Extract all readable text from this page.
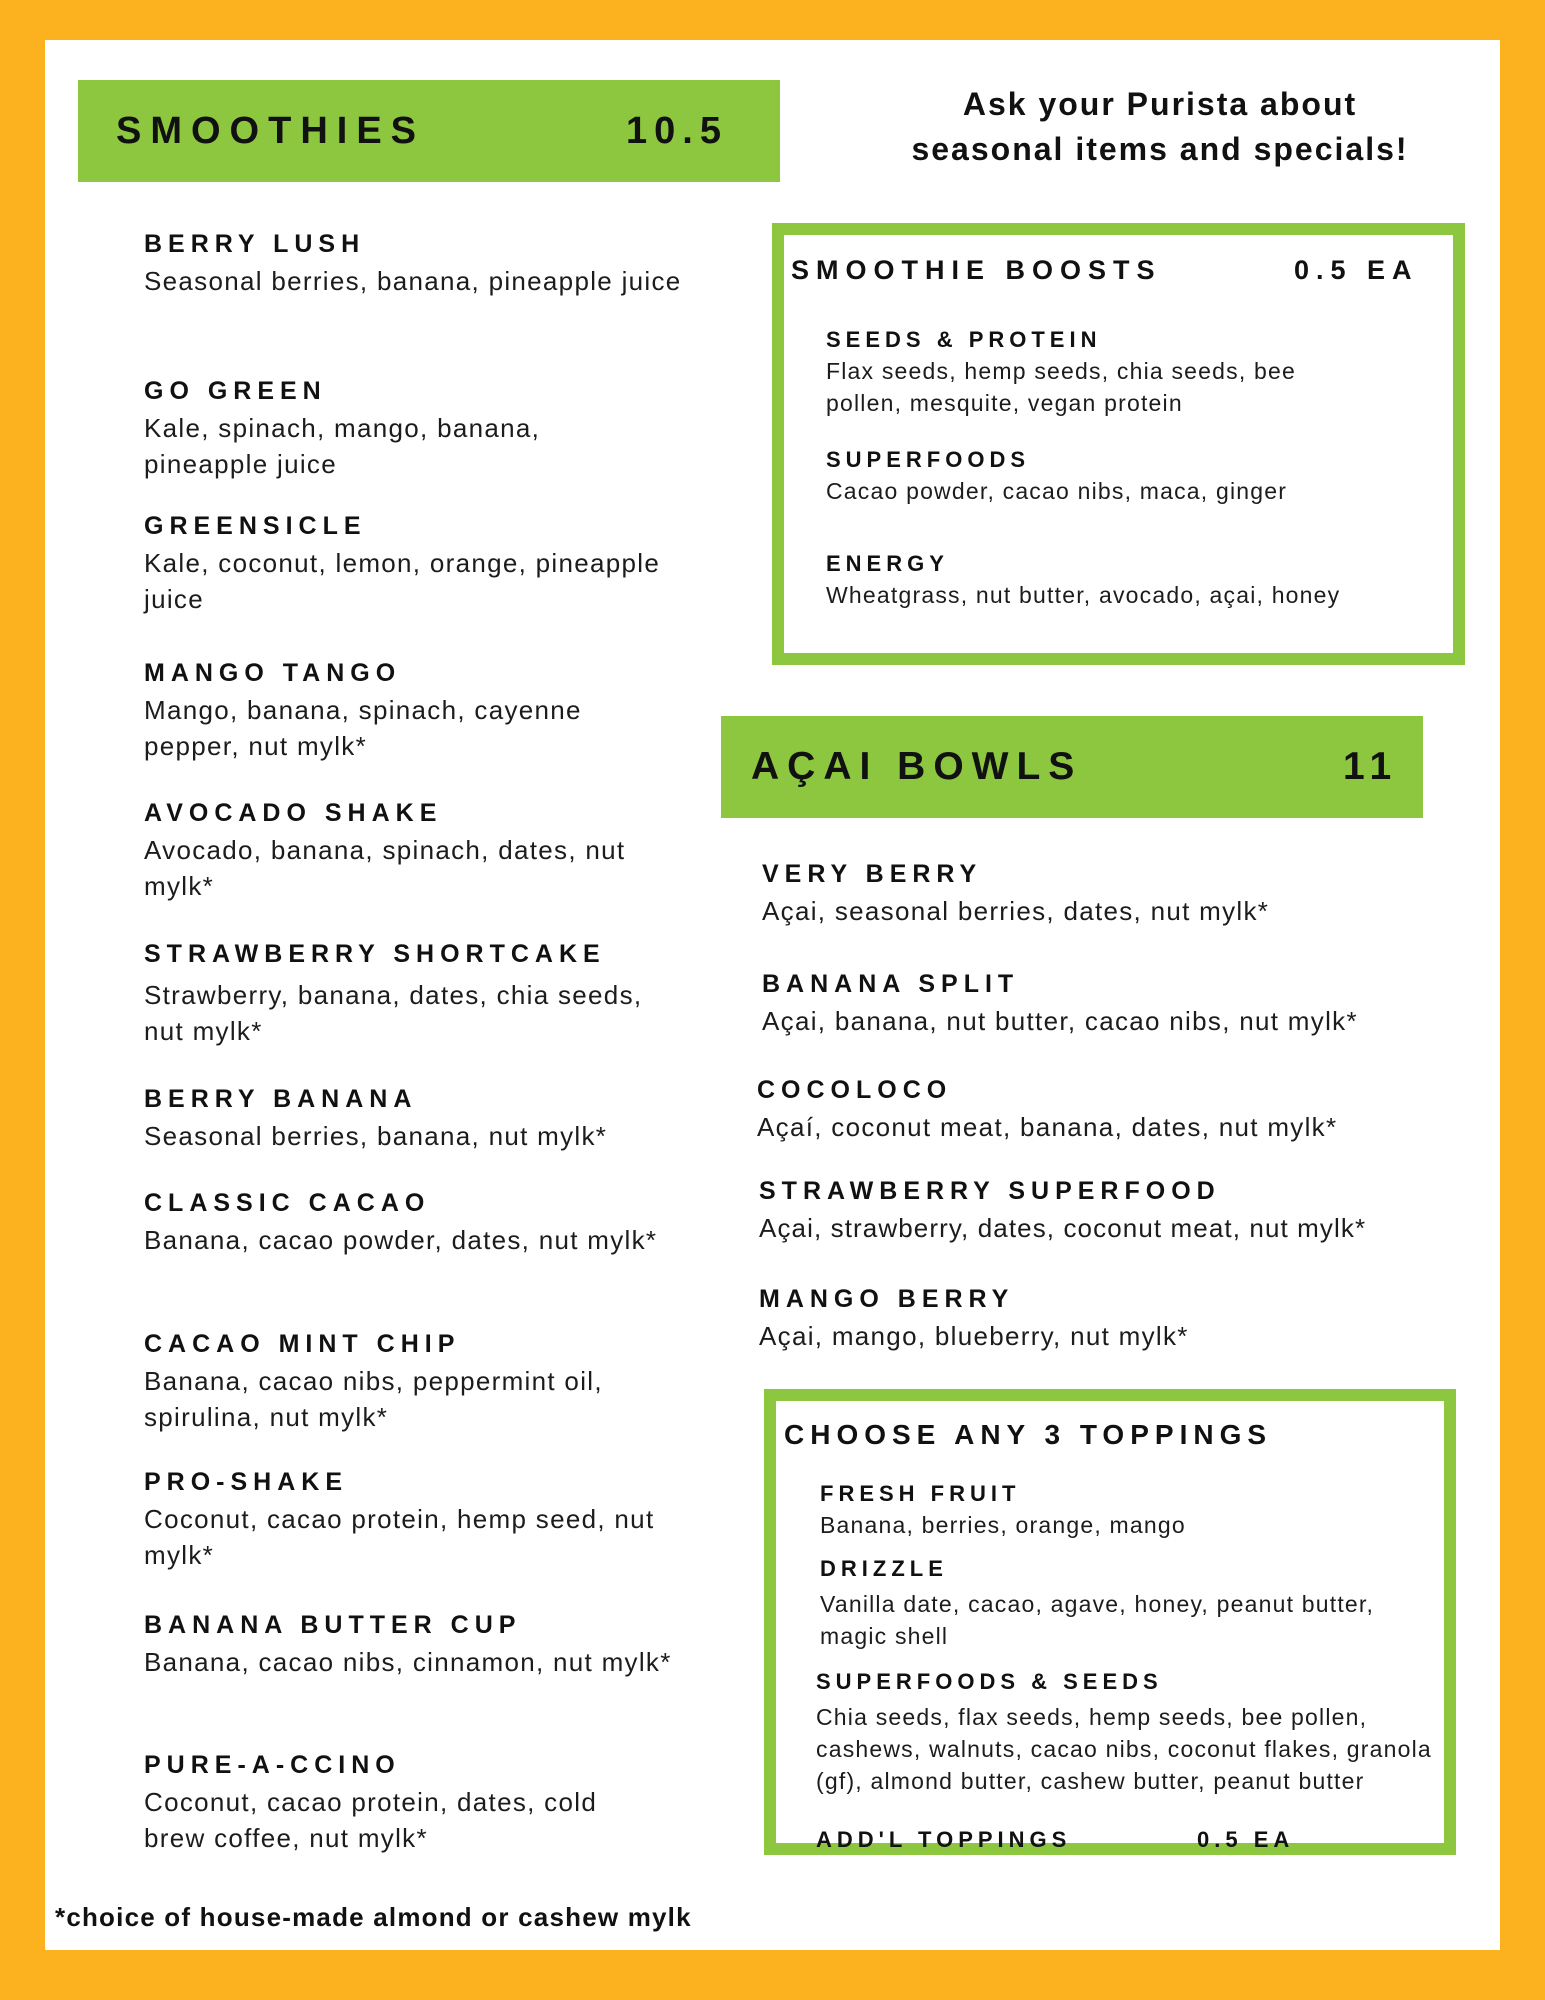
SMOOTHIES	10.5
BERRY LUSH
Seasonal berries, banana, pineapple juice
GO GREEN
Kale, spinach, mango, banana, pineapple juice
GREENSICLE
Kale, coconut, lemon, orange, pineapple juice
MANGO TANGO
Mango, banana, spinach, cayenne pepper, nut mylk*
AVOCADO SHAKE
Avocado, banana, spinach, dates, nut mylk*
STRAWBERRY SHORTCAKE
Strawberry, banana, dates, chia seeds, nut mylk*
BERRY BANANA
Seasonal berries, banana, nut mylk*
CLASSIC CACAO
Banana, cacao powder, dates, nut mylk*
CACAO MINT CHIP
Banana, cacao nibs, peppermint oil, spirulina, nut mylk*
PRO-SHAKE
Coconut, cacao protein, hemp seed, nut mylk*
BANANA BUTTER CUP
Banana, cacao nibs, cinnamon, nut mylk*
PURE-A-CCINO
Coconut, cacao protein, dates, cold brew coffee, nut mylk*
Ask your Purista about
seasonal items and specials!
SMOOTHIE BOOSTS	0.5 EA
SEEDS & PROTEIN
Flax seeds, hemp seeds, chia seeds, bee pollen, mesquite, vegan protein
SUPERFOODS
Cacao powder, cacao nibs, maca, ginger
ENERGY
Wheatgrass, nut butter, avocado, açai, honey
AÇAI BOWLS	11
VERY BERRY
Açai, seasonal berries, dates, nut mylk*
BANANA SPLIT
Açai, banana, nut butter, cacao nibs, nut mylk*
COCOLOCO
Açaí, coconut meat, banana, dates, nut mylk*
STRAWBERRY SUPERFOOD
Açai, strawberry, dates, coconut meat, nut mylk*
MANGO BERRY
Açai, mango, blueberry, nut mylk*
CHOOSE ANY 3 TOPPINGS
FRESH FRUIT
Banana, berries, orange, mango
DRIZZLE
Vanilla date, cacao, agave, honey, peanut butter, magic shell
SUPERFOODS & SEEDS
Chia seeds, flax seeds, hemp seeds, bee pollen, cashews, walnuts, cacao nibs, coconut flakes, granola (gf), almond butter, cashew butter, peanut butter
ADD'L TOPPINGS	0.5 EA
*choice of house-made almond or cashew mylk
